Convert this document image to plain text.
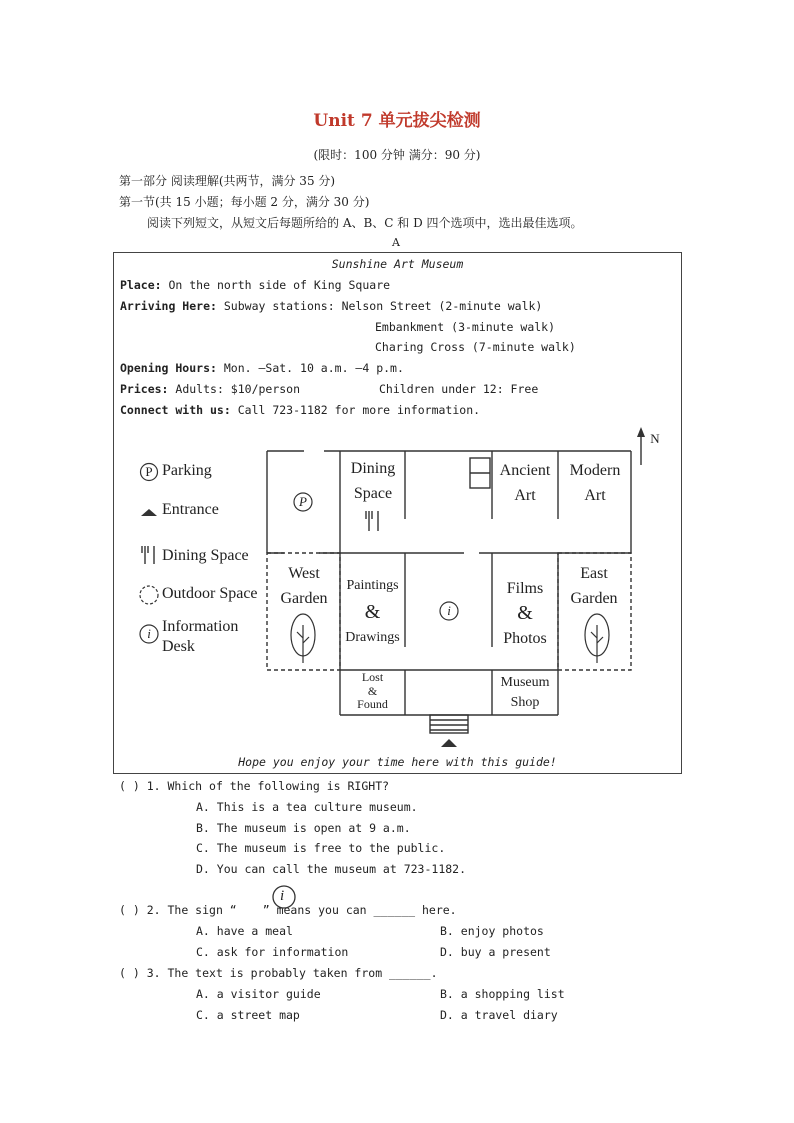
Unit 7 单元拔尖检测
(限时：100 分钟 满分：90 分)
第一部分 阅读理解(共两节，满分 35 分)
第一节(共 15 小题；每小题 2 分，满分 30 分)
阅读下列短文，从短文后每题所给的 A、B、C 和 D 四个选项中，选出最佳选项。
A
Sunshine Art Museum
Place: On the north side of King Square
Arriving Here: Subway stations: Nelson Street (2-minute walk)
Embankment (3-minute walk)
Charing Cross (7-minute walk)
Opening Hours: Mon. —Sat. 10 a.m. —4 p.m.
Prices: Adults: $10/person	Children under 12: Free
Connect with us: Call 723-1182 for more information.
P
i
P
i
N
Parking
Entrance
Dining Space
Outdoor Space
Information
Desk
Dining
Space
Ancient
Art
Modern
Art
West
Garden
East
Garden
Paintings
&
Drawings
Films
&
Photos
Lost
&
Found
Museum
Shop
Hope you enjoy your time here with this guide!
( ) 1. Which of the following is RIGHT?
A. This is a tea culture museum.
B. The museum is open at 9 a.m.
C. The museum is free to the public.
D. You can call the museum at 723-1182.
( ) 2. The sign “ ” means you can ______ here.
i
A. have a meal	B. enjoy photos
C. ask for information	D. buy a present
( ) 3. The text is probably taken from ______.
A. a visitor guide	B. a shopping list
C. a street map	D. a travel diary
